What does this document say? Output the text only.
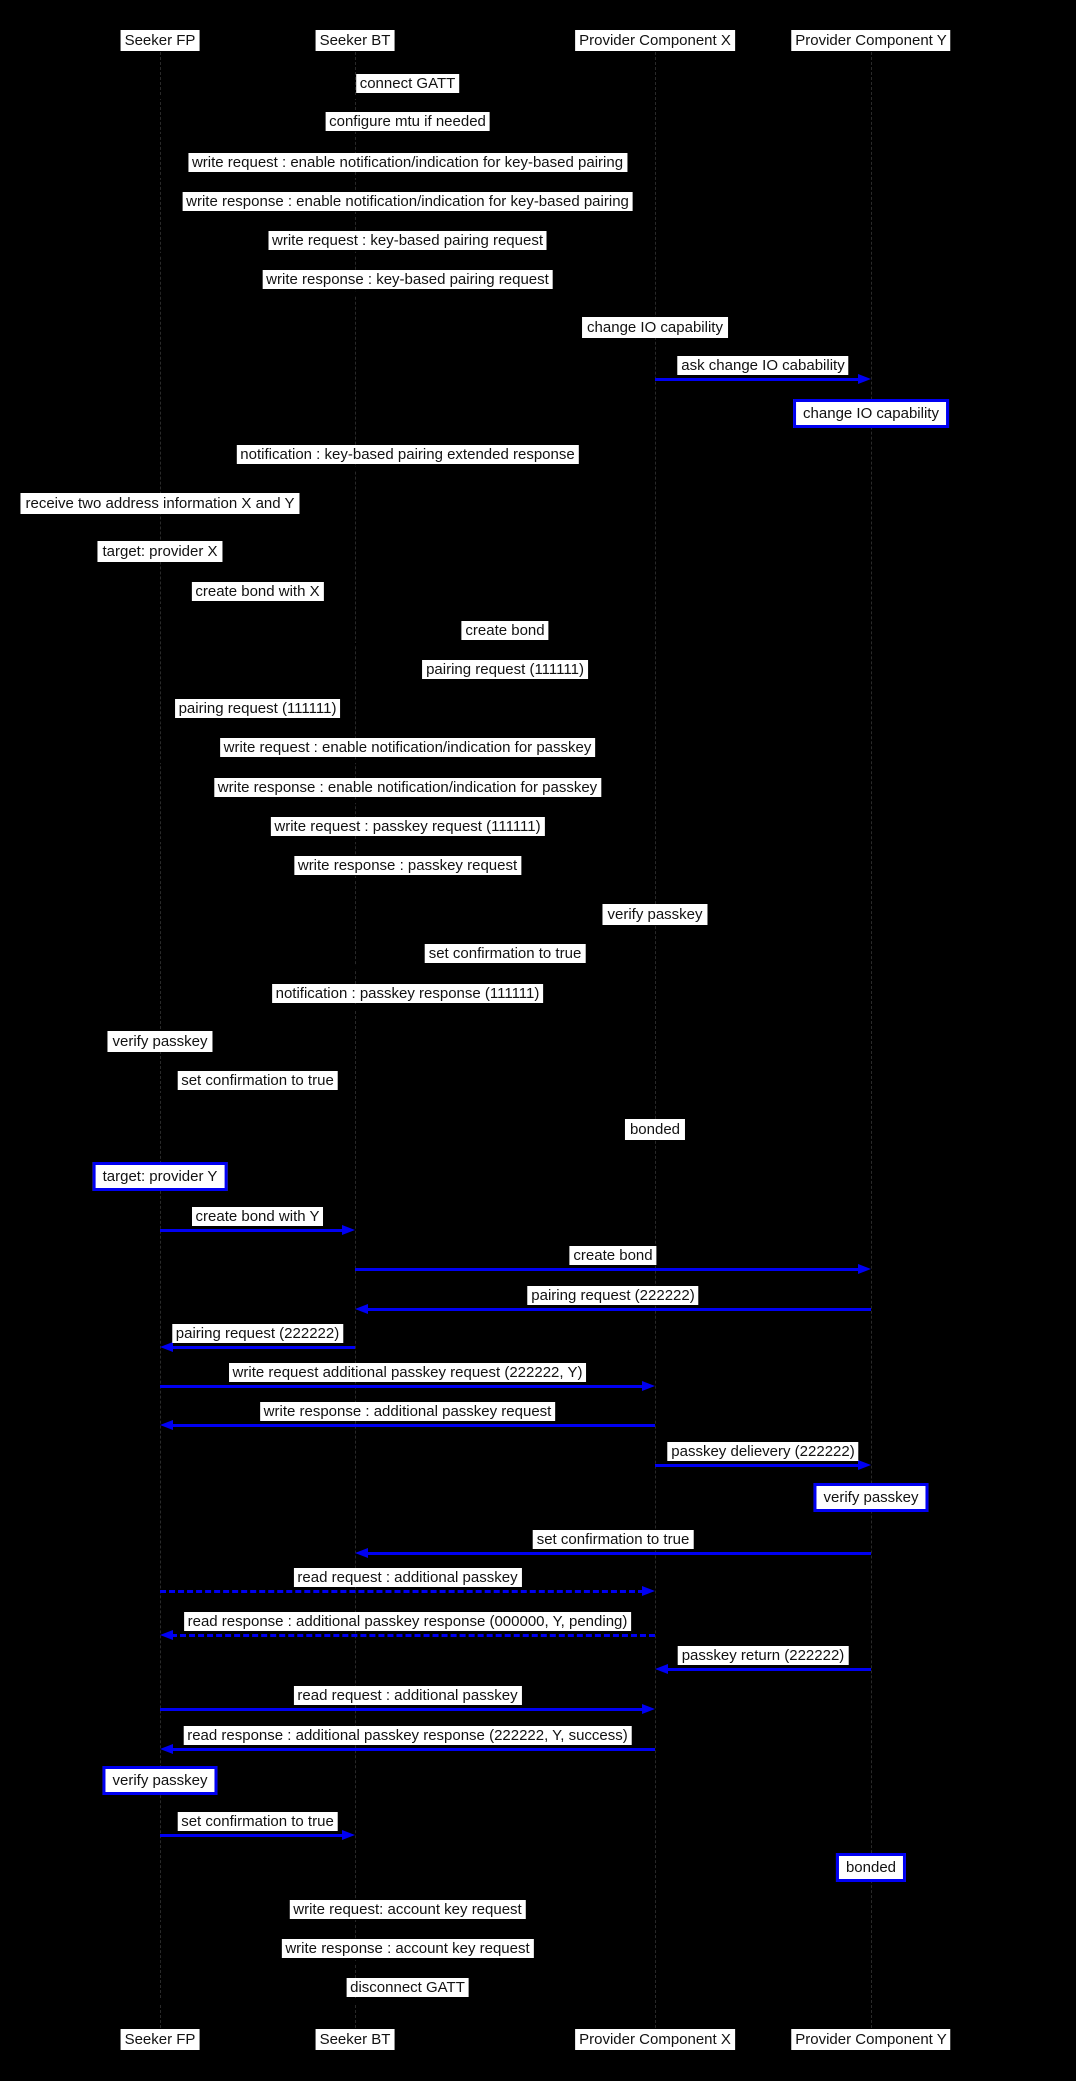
Seeker FP	Seeker BT	Provider Component X	Provider Component Y
Seeker FP	Seeker BT	Provider Component X	Provider Component Y
connect GATT
configure mtu if needed
write request : enable notification/indication for key-based pairing
write response : enable notification/indication for key-based pairing
write request : key-based pairing request
write response : key-based pairing request
change IO capability
ask change IO cabability
change IO capability
notification : key-based pairing extended response
receive two address information X and Y
target: provider X
create bond with X
create bond
pairing request (111111)
pairing request (111111)
write request : enable notification/indication for passkey
write response : enable notification/indication for passkey
write request : passkey request (111111)
write response : passkey request
verify passkey
set confirmation to true
notification : passkey response (111111)
verify passkey
set confirmation to true
bonded
target: provider Y
create bond with Y
create bond
pairing request (222222)
pairing request (222222)
write request additional passkey request (222222, Y)
write response : additional passkey request
passkey delievery (222222)
verify passkey
set confirmation to true
read request : additional passkey
read response : additional passkey response (000000, Y, pending)
passkey return (222222)
read request : additional passkey
read response : additional passkey response (222222, Y, success)
verify passkey
set confirmation to true
bonded
write request: account key request
write response : account key request
disconnect GATT
